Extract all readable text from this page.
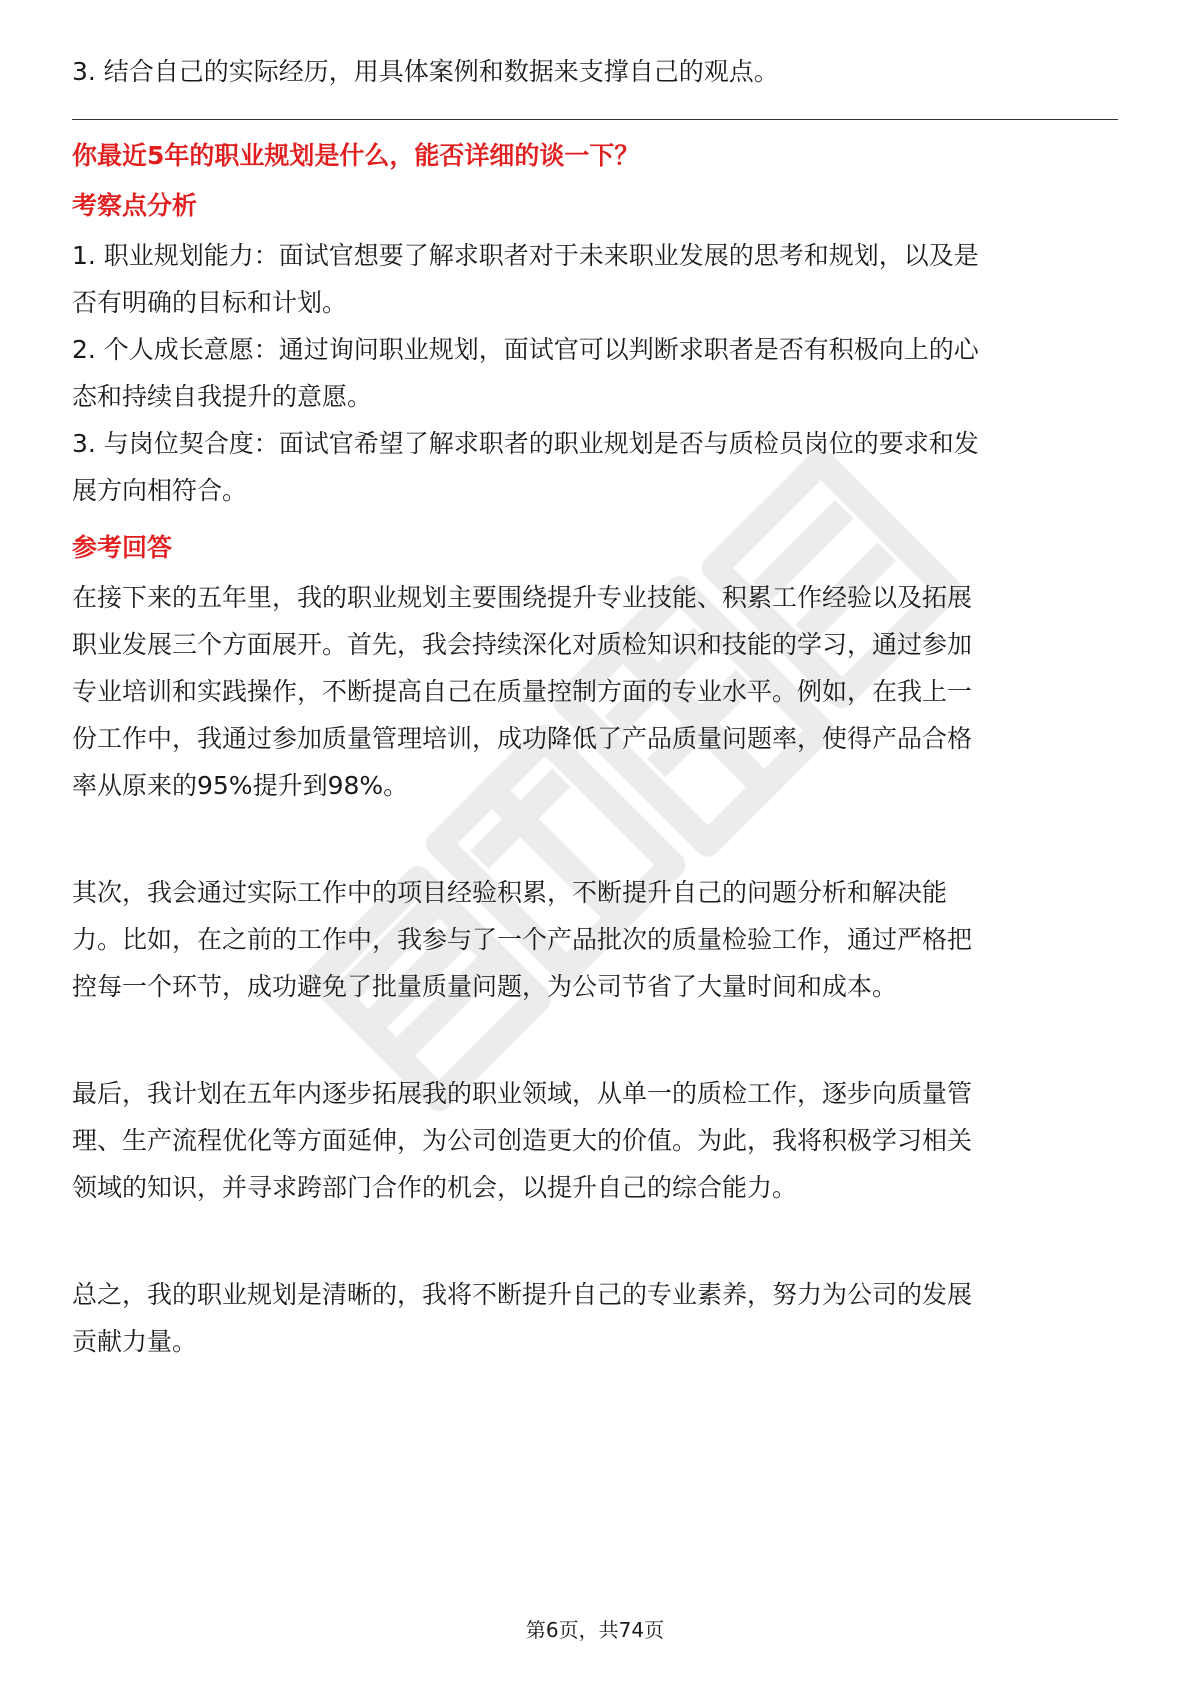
3. 结合自己的实际经历，用具体案例和数据来支撑自己的观点。

你最近5年的职业规划是什么，能否详细的谈一下？

考察点分析

1. 职业规划能力：面试官想要了解求职者对于未来职业发展的思考和规划，以及是

否有明确的目标和计划。

2. 个人成长意愿：通过询问职业规划，面试官可以判断求职者是否有积极向上的心

态和持续自我提升的意愿。

3. 与岗位契合度：面试官希望了解求职者的职业规划是否与质检员岗位的要求和发

展方向相符合。

参考回答

在接下来的五年里，我的职业规划主要围绕提升专业技能、积累工作经验以及拓展

职业发展三个方面展开。首先，我会持续深化对质检知识和技能的学习，通过参加

专业培训和实践操作，不断提高自己在质量控制方面的专业水平。例如，在我上一

份工作中，我通过参加质量管理培训，成功降低了产品质量问题率，使得产品合格

率从原来的95%提升到98%。

其次，我会通过实际工作中的项目经验积累，不断提升自己的问题分析和解决能

力。比如，在之前的工作中，我参与了一个产品批次的质量检验工作，通过严格把

控每一个环节，成功避免了批量质量问题，为公司节省了大量时间和成本。

最后，我计划在五年内逐步拓展我的职业领域，从单一的质检工作，逐步向质量管

理、生产流程优化等方面延伸，为公司创造更大的价值。为此，我将积极学习相关

领域的知识，并寻求跨部门合作的机会，以提升自己的综合能力。

总之，我的职业规划是清晰的，我将不断提升自己的专业素养，努力为公司的发展

贡献力量。

第6页，共74页
